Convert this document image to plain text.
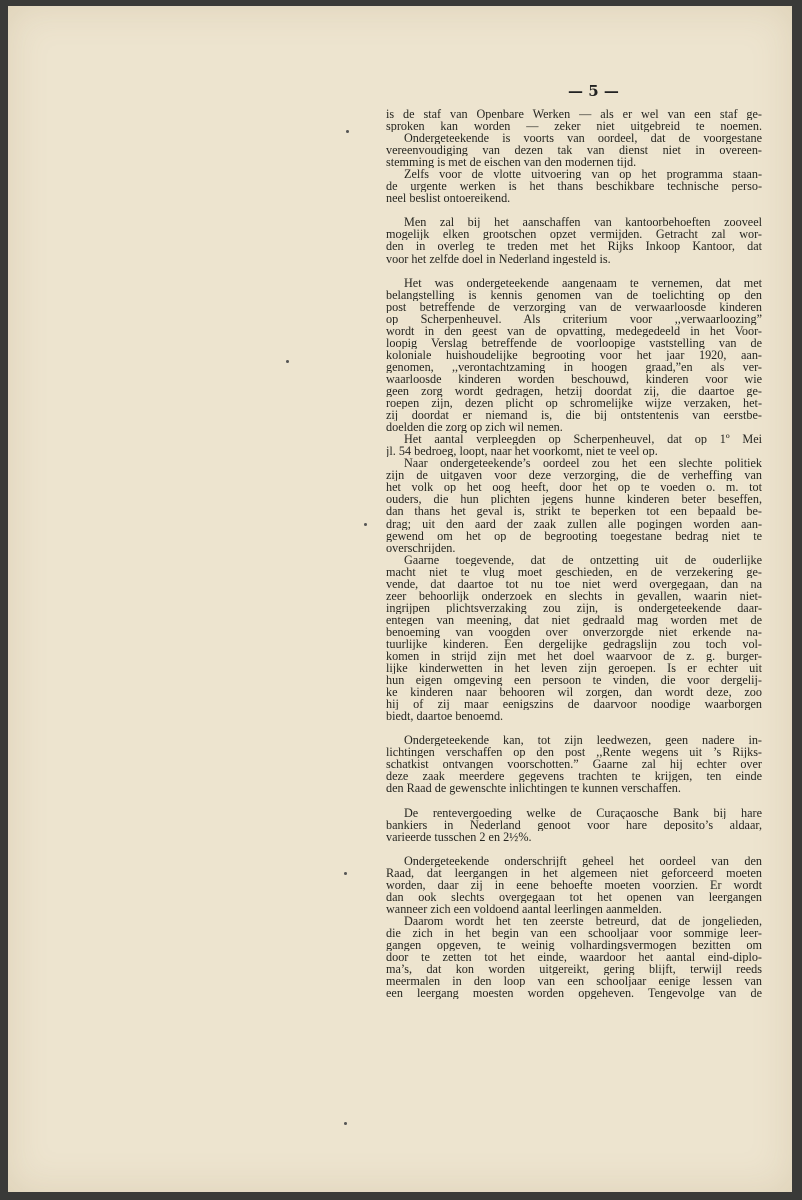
— 5 —
is de staf van Openbare Werken — als er wel van een staf ge-
sproken kan worden — zeker niet uitgebreid te noemen.
Ondergeteekende is voorts van oordeel, dat de voorgestane
vereenvoudiging van dezen tak van dienst niet in overeen-
stemming is met de eischen van den modernen tijd.
Zelfs voor de vlotte uitvoering van op het programma staan-
de urgente werken is het thans beschikbare technische perso-
neel beslist ontoereikend.
Men zal bij het aanschaffen van kantoorbehoeften zooveel
mogelijk elken grootschen opzet vermijden. Getracht zal wor-
den in overleg te treden met het Rijks Inkoop Kantoor, dat
voor het zelfde doel in Nederland ingesteld is.
Het was ondergeteekende aangenaam te vernemen, dat met
belangstelling is kennis genomen van de toelichting op den
post betreffende de verzorging van de verwaarloosde kinderen
op Scherpenheuvel. Als criterium voor ,,verwaarloozing”
wordt in den geest van de opvatting, medegedeeld in het Voor-
loopig Verslag betreffende de voorloopige vaststelling van de
koloniale huishoudelijke begrooting voor het jaar 1920, aan-
genomen, ,,verontachtzaming in hoogen graad,”en als ver-
waarloosde kinderen worden beschouwd, kinderen voor wie
geen zorg wordt gedragen, hetzij doordat zij, die daartoe ge-
roepen zijn, dezen plicht op schromelijke wijze verzaken, het-
zij doordat er niemand is, die bij ontstentenis van eerstbe-
doelden die zorg op zich wil nemen.
Het aantal verpleegden op Scherpenheuvel, dat op 1º Mei
jl. 54 bedroeg, loopt, naar het voorkomt, niet te veel op.
Naar ondergeteekende’s oordeel zou het een slechte politiek
zijn de uitgaven voor deze verzorging, die de verheffing van
het volk op het oog heeft, door het op te voeden o. m. tot
ouders, die hun plichten jegens hunne kinderen beter beseffen,
dan thans het geval is, strikt te beperken tot een bepaald be-
drag; uit den aard der zaak zullen alle pogingen worden aan-
gewend om het op de begrooting toegestane bedrag niet te
overschrijden.
Gaarne toegevende, dat de ontzetting uit de ouderlijke
macht niet te vlug moet geschieden, en de verzekering ge-
vende, dat daartoe tot nu toe niet werd overgegaan, dan na
zeer behoorlijk onderzoek en slechts in gevallen, waarin niet-
ingrijpen plichtsverzaking zou zijn, is ondergeteekende daar-
entegen van meening, dat niet gedraald mag worden met de
benoeming van voogden over onverzorgde niet erkende na-
tuurlijke kinderen. Een dergelijke gedragslijn zou toch vol-
komen in strijd zijn met het doel waarvoor de z. g. burger-
lijke kinderwetten in het leven zijn geroepen. Is er echter uit
hun eigen omgeving een persoon te vinden, die voor dergelij-
ke kinderen naar behooren wil zorgen, dan wordt deze, zoo
hij of zij maar eenigszins de daarvoor noodige waarborgen
biedt, daartoe benoemd.
Ondergeteekende kan, tot zijn leedwezen, geen nadere in-
lichtingen verschaffen op den post ,,Rente wegens uit ’s Rijks-
schatkist ontvangen voorschotten.” Gaarne zal hij echter over
deze zaak meerdere gegevens trachten te krijgen, ten einde
den Raad de gewenschte inlichtingen te kunnen verschaffen.
De rentevergoeding welke de Curaçaosche Bank bij hare
bankiers in Nederland genoot voor hare deposito’s aldaar,
varieerde tusschen 2 en 2½%.
Ondergeteekende onderschrijft geheel het oordeel van den
Raad, dat leergangen in het algemeen niet geforceerd moeten
worden, daar zij in eene behoefte moeten voorzien. Er wordt
dan ook slechts overgegaan tot het openen van leergangen
wanneer zich een voldoend aantal leerlingen aanmelden.
Daarom wordt het ten zeerste betreurd, dat de jongelieden,
die zich in het begin van een schooljaar voor sommige leer-
gangen opgeven, te weinig volhardingsvermogen bezitten om
door te zetten tot het einde, waardoor het aantal eind-diplo-
ma’s, dat kon worden uitgereikt, gering blijft, terwijl reeds
meermalen in den loop van een schooljaar eenige lessen van
een leergang moesten worden opgeheven. Tengevolge van de
